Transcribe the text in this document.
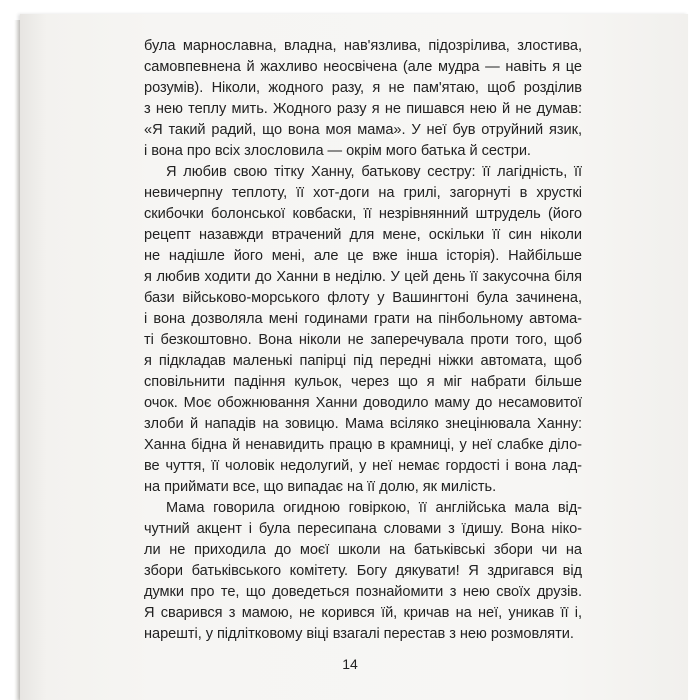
була марнославна, владна, нав'язлива, підозрілива, злостива,
самовпевнена й жахливо неосвічена (але мудра — навіть я це
розумів). Ніколи, жодного разу, я не пам'ятаю, щоб розділив
з нею теплу мить. Жодного разу я не пишався нею й не думав:
«Я такий радий, що вона моя мама». У неї був отруйний язик,
і вона про всіх злословила — окрім мого батька й сестри.
Я любив свою тітку Ханну, батькову сестру: її лагідність, її
невичерпну теплоту, її хот-доги на грилі, загорнуті в хрусткі
скибочки болонської ковбаски, її незрівнянний штрудель (його
рецепт назавжди втрачений для мене, оскільки її син ніколи
не надішле його мені, але це вже інша історія). Найбільше
я любив ходити до Ханни в неділю. У цей день її закусочна біля
бази військово-морського флоту у Вашингтоні була зачинена,
і вона дозволяла мені годинами грати на пінбольному автома-
ті безкоштовно. Вона ніколи не заперечувала проти того, щоб
я підкладав маленькі папірці під передні ніжки автомата, щоб
сповільнити падіння кульок, через що я міг набрати більше
очок. Моє обожнювання Ханни доводило маму до несамовитої
злоби й нападів на зовицю. Мама всіляко знецінювала Ханну:
Ханна бідна й ненавидить працю в крамниці, у неї слабке діло-
ве чуття, її чоловік недолугий, у неї немає гордості і вона лад-
на приймати все, що випадає на її долю, як милість.
Мама говорила огидною говіркою, її англійська мала від-
чутний акцент і була пересипана словами з їдишу. Вона ніко-
ли не приходила до моєї школи на батьківські збори чи на
збори батьківського комітету. Богу дякувати! Я здригався від
думки про те, що доведеться познайомити з нею своїх друзів.
Я сварився з мамою, не корився їй, кричав на неї, уникав її і,
нарешті, у підлітковому віці взагалі перестав з нею розмовляти.
14
